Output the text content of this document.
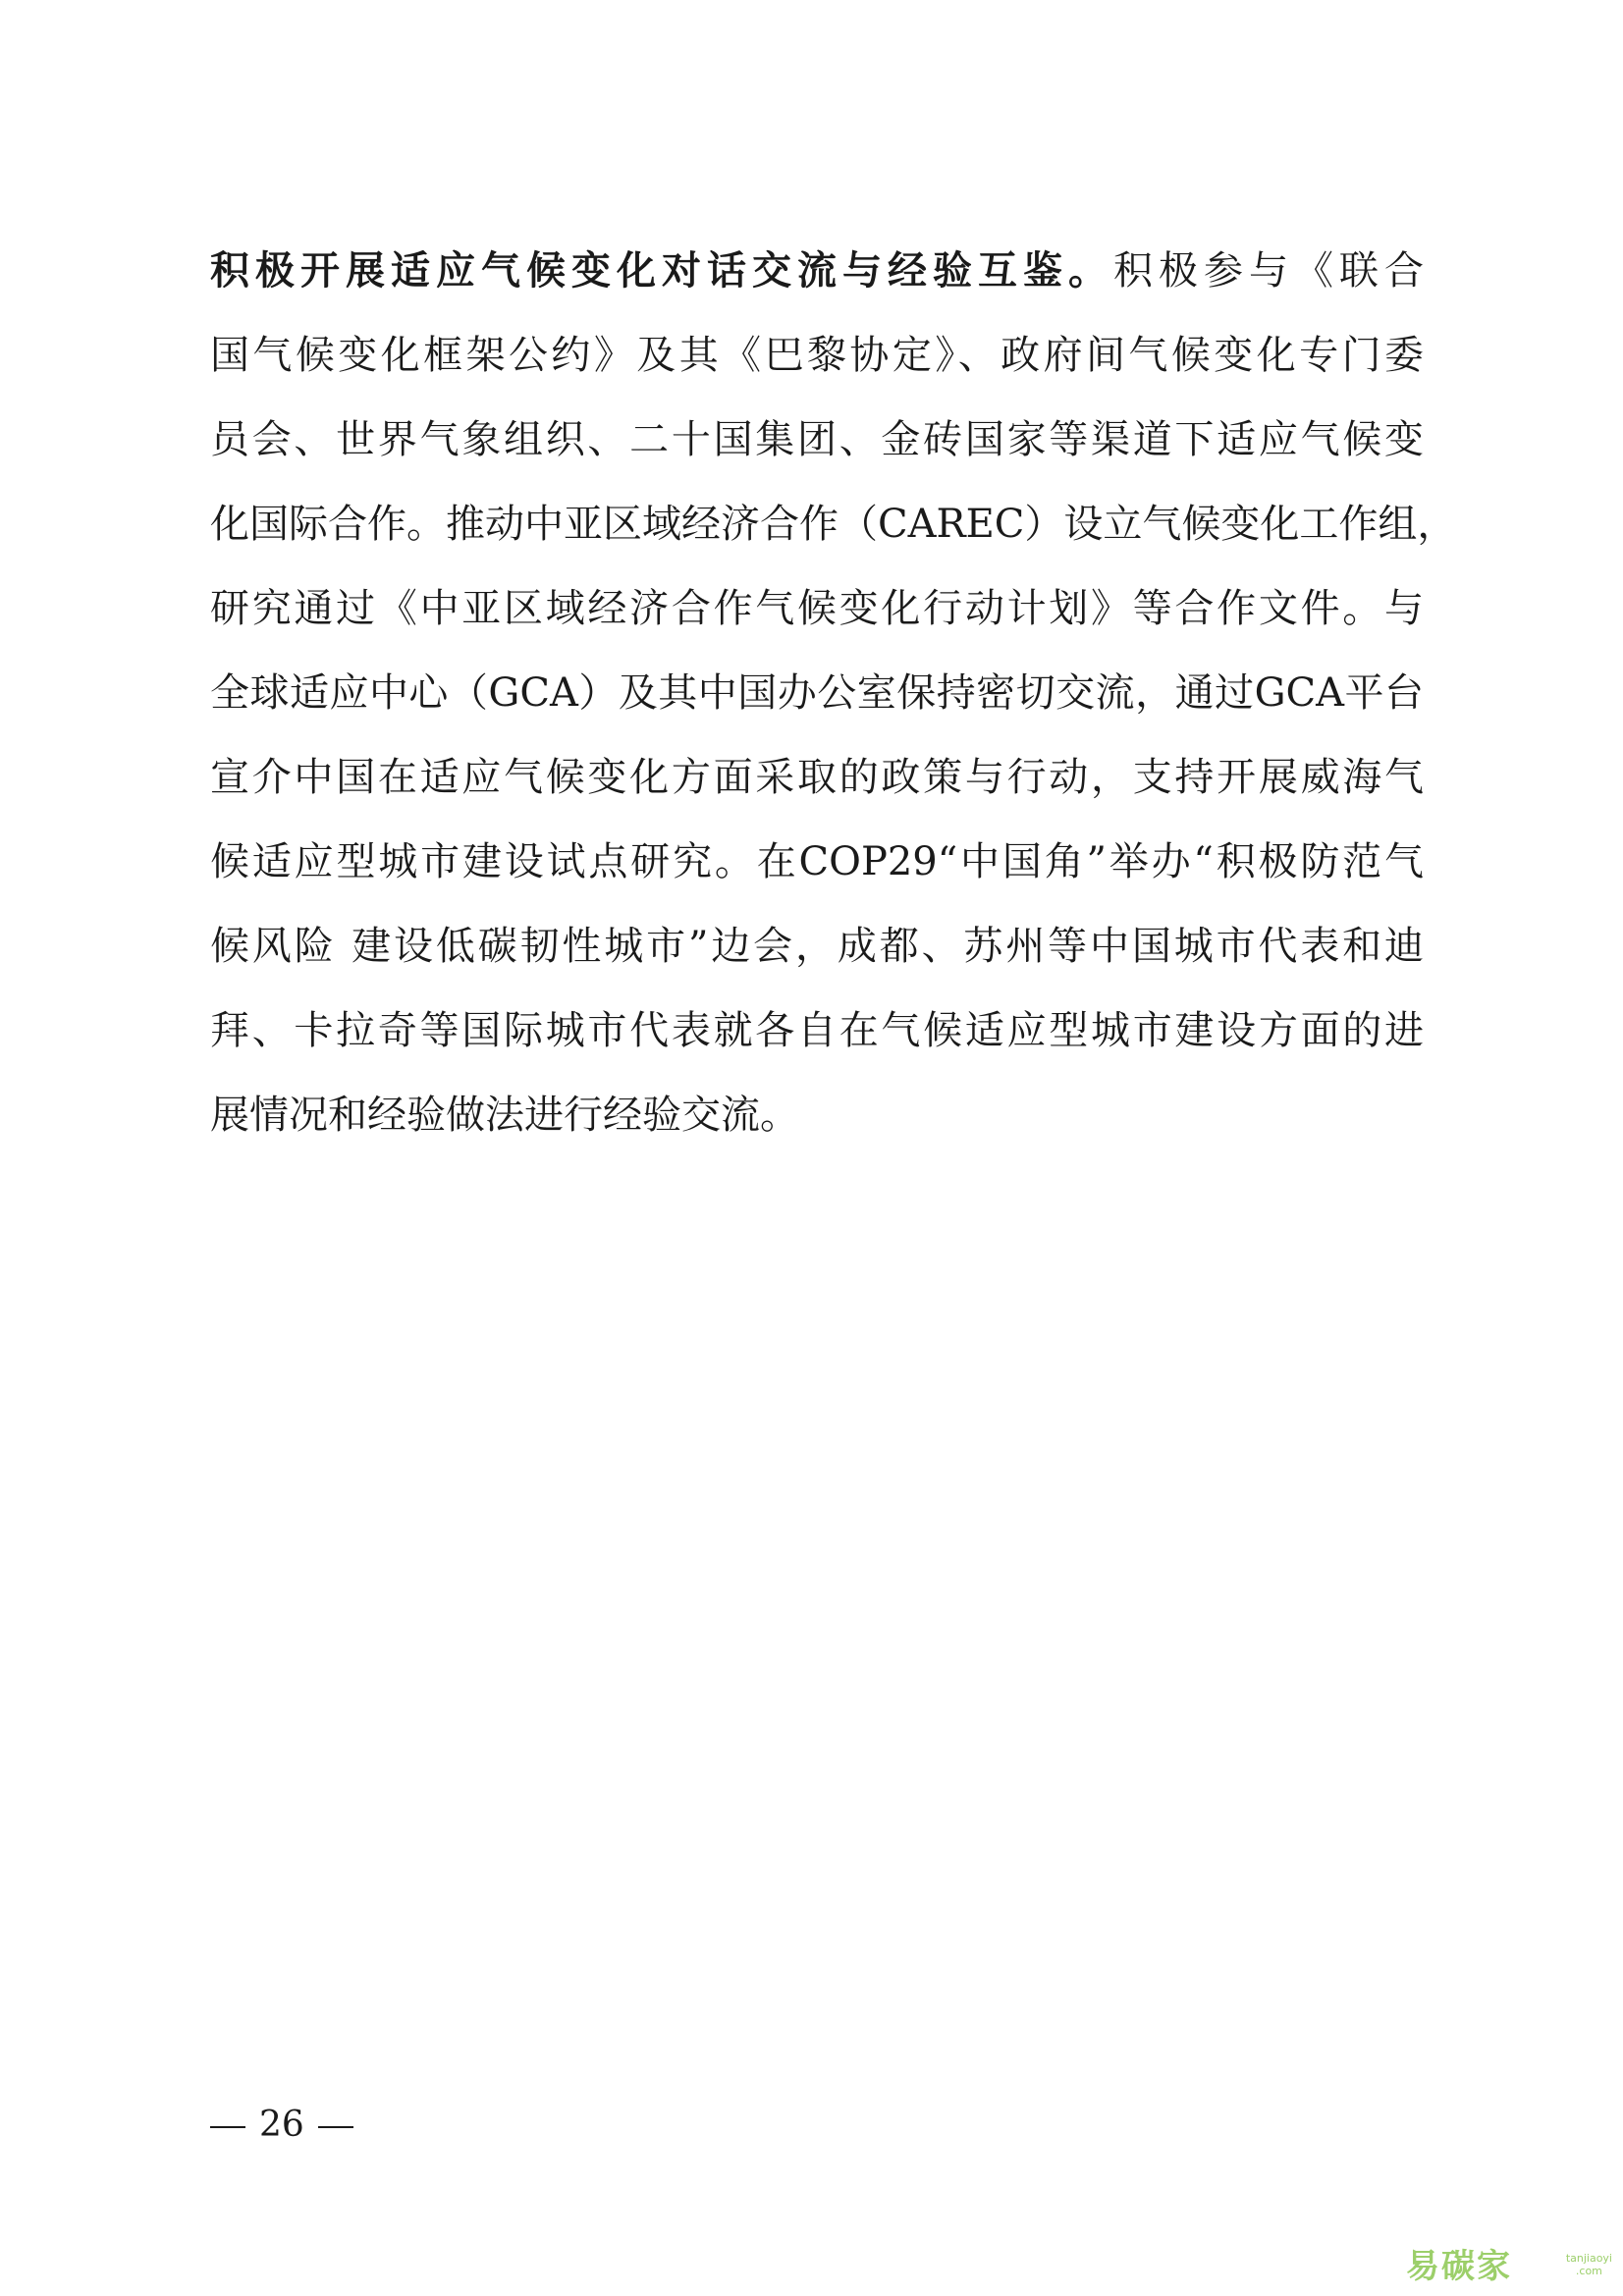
积极开展适应气候变化对话交流与经验互鉴。积极参与《联合
国气候变化框架公约》及其《巴黎协定》、政府间气候变化专门委
员会、世界气象组织、二十国集团、金砖国家等渠道下适应气候变
化国际合作。推动中亚区域经济合作（CAREC）设立气候变化工作组，
研究通过《中亚区域经济合作气候变化行动计划》等合作文件。与
全球适应中心（GCA）及其中国办公室保持密切交流，通过GCA平台
宣介中国在适应气候变化方面采取的政策与行动，支持开展威海气
候适应型城市建设试点研究。在COP29“中国角”举办“积极防范气
候风险 建设低碳韧性城市”边会，成都、苏州等中国城市代表和迪
拜、卡拉奇等国际城市代表就各自在气候适应型城市建设方面的进
展情况和经验做法进行经验交流。
26
易碳家	tanjiaoyi
.com
